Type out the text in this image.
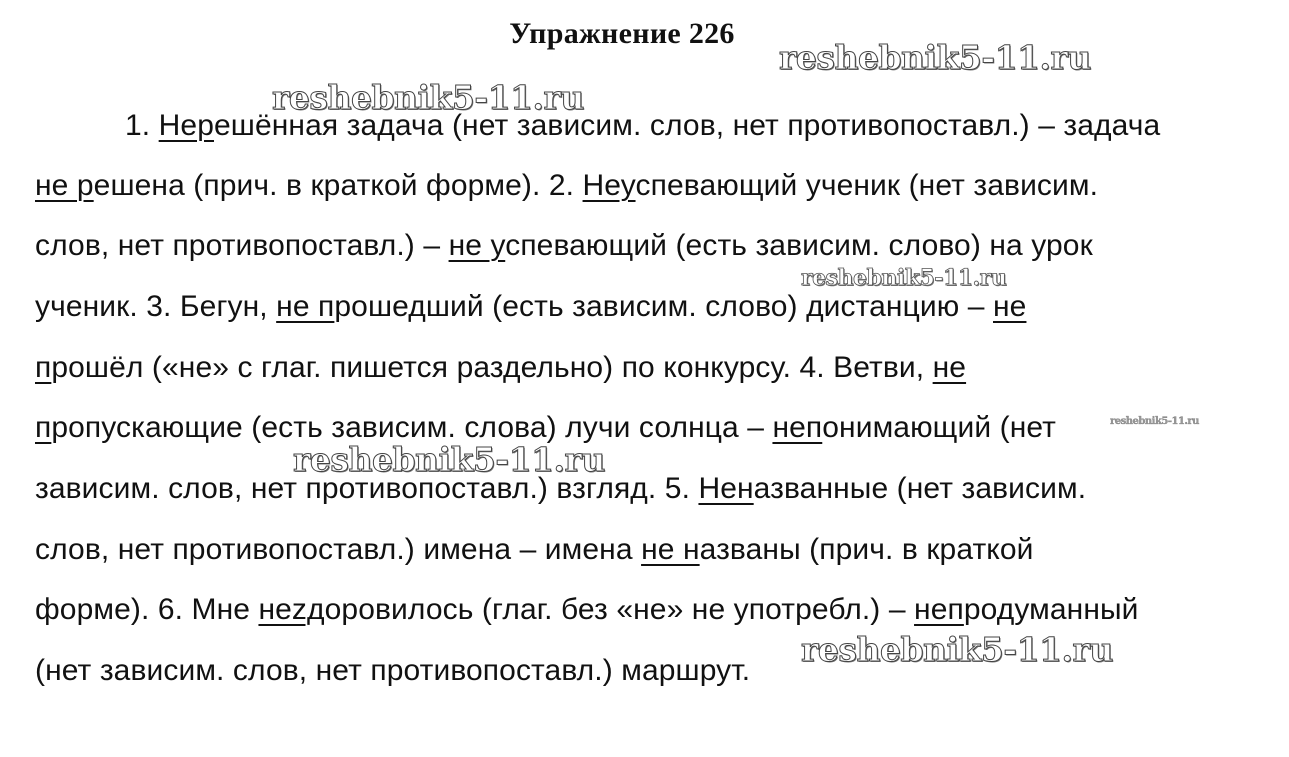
Упражнение 226
1. Нерешённая задача (нет зависим. слов, нет противопоставл.) – задача
не решена (прич. в краткой форме). 2. Неуспевающий ученик (нет зависим.
слов, нет противопоставл.) – не успевающий (есть зависим. слово) на урок
ученик. 3. Бегун, не прошедший (есть зависим. слово) дистанцию – не
прошёл («не» с глаг. пишется раздельно) по конкурсу. 4. Ветви, не
пропускающие (есть зависим. слова) лучи солнца – непонимающий (нет
зависим. слов, нет противопоставл.) взгляд. 5. Неназванные (нет зависим.
слов, нет противопоставл.) имена – имена не названы (прич. в краткой
форме). 6. Мне нezдоровилось (глаг. без «не» не употребл.) – непродуманный
(нет зависим. слов, нет противопоставл.) маршрут.
reshebnik5-11.ru
reshebnik5-11.ru
reshebnik5-11.ru
reshebnik5-11.ru
reshebnik5-11.ru
reshebnik5-11.ru
